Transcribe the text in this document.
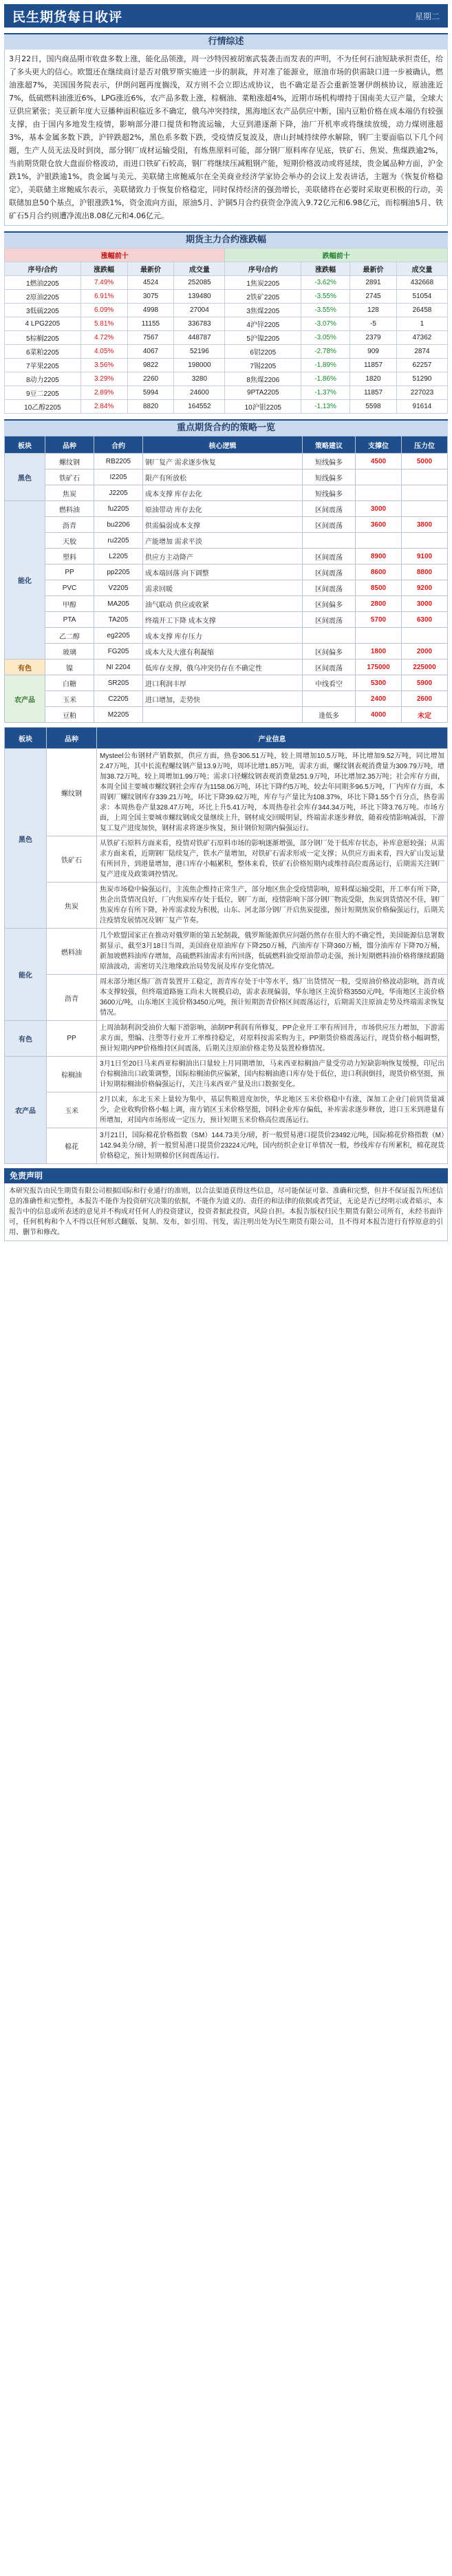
民生期货每日收评	星期二
行情综述
3月22日，国内商品期市收盘多数上涨，能化品领涨，周一沙特因被胡塞武装袭击而发表的声明，不为任何石油短缺承担责任，给了多头更大的信心。欧盟还在继续商讨是否对俄罗斯实施进一步的制裁，并对准了能源业，原油市场的供需缺口进一步被确认，燃油涨超7%，美国国务院表示，伊朗问题再度搁浅，双方则不会立即达成协议，也不确定是否会重新签署伊朗核协议，原油涨近7%，低硫燃料油涨近6%，LPG涨近6%，农产品多数上涨，棕榈油、菜粕涨超4%，近期市场机构增持于国南美大豆产量，全球大豆供应紧张；美豆新年度大豆播种面积临近多不确定，俄乌冲突持续，黑海地区农产品供应中断，国内豆粕价格在成本端仍有较强支撑，由于国内多地发生疫情，影响部分港口提货和物流运输，大豆到港逐渐下降，油厂开机率或将继续放缓，动力煤则涨超3%，基本金属多数下跌，沪锌跌超2%，黑色系多数下跌，受疫情反复波及，唐山封城持续停水解除，钢厂主要面临以下几个问题，生产人员无法及时到岗，部分钢厂成材运输受阻，有炼焦原料可能，部分钢厂原料库存见底，铁矿石、焦炭、焦煤跌逾2%，当前期货限仓放大盘面价格波动，而进口铁矿石较高，钢厂将继续压减粗钢产能，短期价格波动或将延续，贵金属品种方面，沪金跌1%，沪银跌逾1%，贵金属与美元、美联储主席鲍威尔在全美商业经济学家协会举办的会议上发表讲话，主题为《恢复价格稳定》，美联储主席鲍威尔表示，美联储致力于恢复价格稳定，同时保持经济的强劲增长，美联储将在必要时采取更积极的行动，美联储加息50个基点，沪银涨跌1%，资金流向方面，原油5月、沪铜5月合约获资金净流入9.72亿元和6.98亿元，而棕榈油5月、铁矿石5月合约则遭净流出8.08亿元和4.06亿元。
期货主力合约涨跌幅
涨幅前十				跌幅前十			
序号/合约	涨跌幅	最新价	成交量	序号/合约	涨跌幅	最新价	成交量
1燃油2205	7.49%	4524	252085	1焦炭2205	-3.62%	2891	432668
2原油2205	6.91%	3075	139480	2铁矿2205	-3.55%	2745	51054
3低硫2205	6.09%	4998	27004	3焦煤2205	-3.55%	128	26458
4 LPG2205	5.81%	11155	336783	4沪锌2205	-3.07%	-5	1
5棕榈2205	4.72%	7567	448787	5沪镍2205	-3.05%	2379	47362
6菜粕2205	4.05%	4067	52196	6铝2205	-2.78%	909	2874
7苹果2205	3.56%	9822	198000	7锡2205	-1.89%	11857	62257
8动力2205	3.29%	2260	3280	8焦煤2206	-1.86%	1820	51290
9豆二2205	2.89%	5994	24600	9PTA2205	-1.37%	11857	227023
10乙醇2205	2.84%	8820	164552	10沪银2205	-1.13%	5598	91614
重点期货合约的策略一览
板块	品种	合约	核心逻辑	策略建议	支撑位	压力位
黑色	螺纹钢	RB2205	钢厂复产 需求逐步恢复	短线偏多	4500	5000
	铁矿石	I2205	限产有所放松	短线偏多		
	焦炭	J2205	成本支撑 库存去化	短线偏多		
能化	燃料油	fu2205	原油带动 库存去化	区间震荡	3000	
	沥青	bu2206	供需偏弱成本支撑	区间震荡	3600	3800
	天胶	ru2205	产能增加 需求平淡			
	塑料	L2205	供应方主动降产	区间震荡	8900	9100
	PP	pp2205	成本端回落 向下调整	区间震荡	8600	8800
	PVC	V2205	需求回暖	区间震荡	8500	9200
	甲醇	MA205	油气联动 供应或收紧	区间偏多	2800	3000
	PTA	TA205	终端开工下降 成本支撑	区间震荡	5700	6300
	乙二醇	eg2205	成本支撑 库存压力			
	玻璃	FG205	成本大及大涨有利凝缩	区间偏多	1800	2000
有色	镍	NI 2204	低库存支撑，俄乌冲突仍存在不确定性	区间震荡	175000	225000
农产品	白糖	SR205	进口利润丰厚	中线看空	5300	5900
	玉米	C2205	进口增加，走势快		2400	2600
	豆粕	M2205		逢低多	4000	未定
板块	品种	产业信息
黑色	螺纹钢	Mysteel公布钢材产销数据，供应方面，热卷306.51万吨，较上周增加10.5万吨，环比增加9.52万吨，同比增加2.47万吨，其中长流程螺纹钢产量13.9万吨，周环比增1.85万吨，需求方面，螺纹钢表观消费量为309.79万吨，增加38.72万吨，较上周增加1.99万吨；需求口径螺纹钢表观消费量251.9万吨，环比增加2.35万吨；社会库存方面，本周全国主要城市螺纹钢社会库存为1158.06万吨，环比下降约5万吨，较去年同期多96.5万吨，厂内库存方面，本周钢厂螺纹钢库存339.21万吨，环比下降39.62万吨，库存与产量比为108.37%，环比下降1.55个百分点，热卷需求：本周热卷产量328.47万吨，环比上升5.41万吨，本周热卷社会库存344.34万吨，环比下降3.76万吨。市场方面，上周全国主要城市螺纹钢成交量继续上升，钢材成交回暖明显，终端需求逐步释放，随着疫情影响减弱，下游复工复产进度加快，钢材需求将逐步恢复，预计钢价短期内偏强运行。
	铁矿石	从铁矿石原料方面来看，疫情对铁矿石原料市场的影响逐渐增强，部分钢厂处于低库存状态，补库意愿较强；从需求方面来看，近期钢厂陆续复产，铁水产量增加，对铁矿石需求形成一定支撑；从供应方面来看，四大矿山发运量有所回升，到港量增加，港口库存小幅累积，整体来看，铁矿石价格短期内或维持高位震荡运行，后期需关注钢厂复产进度及政策调控情况。
	焦炭	焦炭市场稳中偏强运行，主流焦企维持正常生产，部分地区焦企受疫情影响，原料煤运输受阻，开工率有所下降，焦企出货情况良好，厂内焦炭库存处于低位，钢厂方面，疫情影响下部分钢厂物流受限，焦炭到货情况不佳，钢厂焦炭库存有所下降，补库需求较为积极，山东、河北部分钢厂开启焦炭提涨，预计短期焦炭价格偏强运行，后期关注疫情发展情况及钢厂复产节奏。
能化	燃料油	几个欧盟国家正在推动对俄罗斯的第五轮制裁，俄罗斯能源供应问题仍然存在很大的不确定性，美国能源信息署数据显示，截至3月18日当周，美国商业原油库存下降250万桶，汽油库存下降360万桶，馏分油库存下降70万桶，新加坡燃料油库存增加，高硫燃料油需求有所回落，低硫燃料油受原油带动走强，预计短期燃料油价格将继续跟随原油波动，需密切关注地缘政治局势发展及库存变化情况。
	沥青	周末部分地区炼厂沥青装置开工稳定，沥青库存处于中等水平，炼厂出货情况一般，受原油价格波动影响，沥青成本支撑较强，但终端道路施工尚未大规模启动，需求表现偏弱，华东地区主流价格3550元/吨，华南地区主流价格3600元/吨，山东地区主流价格3450元/吨，预计短期沥青价格区间震荡运行，后期需关注原油走势及终端需求恢复情况。
有色	PP	上周油制利润受油价大幅下滑影响，油制PP利润有所修复，PP企业开工率有所回升，市场供应压力增加，下游需求方面，塑编、注塑等行业开工率维持稳定，对原料按需采购为主，PP期货价格震荡运行，现货价格小幅调整，预计短期内PP价格维持区间震荡，后期关注原油价格走势及装置检修情况。
农产品	棕榈油	3月1日至20日马来西亚棕榈油出口量较上月同期增加，马来西亚棕榈油产量受劳动力短缺影响恢复缓慢，印尼出台棕榈油出口政策调整，国际棕榈油供应偏紧，国内棕榈油港口库存处于低位，进口利润倒挂，现货价格坚挺，预计短期棕榈油价格偏强运行，关注马来西亚产量及出口数据变化。
	玉米	2月以来，东北玉米上量较为集中，基层售粮进度加快，华北地区玉米价格稳中有涨，深加工企业门前到货量减少，企业收购价格小幅上调，南方销区玉米价格坚挺，饲料企业库存偏低，补库需求逐步释放，进口玉米到港量有所增加，对国内市场形成一定压力，预计短期玉米价格高位震荡运行。
	棉花	3月21日，国际棉花价格指数（SM）144.73美分/磅，折一般贸易港口提货价23492元/吨，国际棉花价格指数（M）142.94美分/磅，折一般贸易港口提货价23224元/吨，国内纺织企业订单情况一般，纱线库存有所累积，棉花现货价格稳定，预计短期棉价区间震荡运行。
免责声明
本研究报告由民生期货有限公司根据国际和行业通行的准则，以合法渠道获得这些信息，尽可能保证可靠、准确和完整，但并不保证报告所述信息的准确性和完整性，本报告不能作为投资研究决策的依据，不能作为道义的、责任的和法律的依据或者凭证，无论是否已经明示或者暗示，本报告中的信息或所表述的意见并不构成对任何人的投资建议，投资者据此投资，风险自担。本报告版权归民生期货有限公司所有，未经书面许可，任何机构和个人不得以任何形式翻版、复制、发布，如引用、刊发，需注明出处为民生期货有限公司，且不得对本报告进行有悖原意的引用、删节和修改。
